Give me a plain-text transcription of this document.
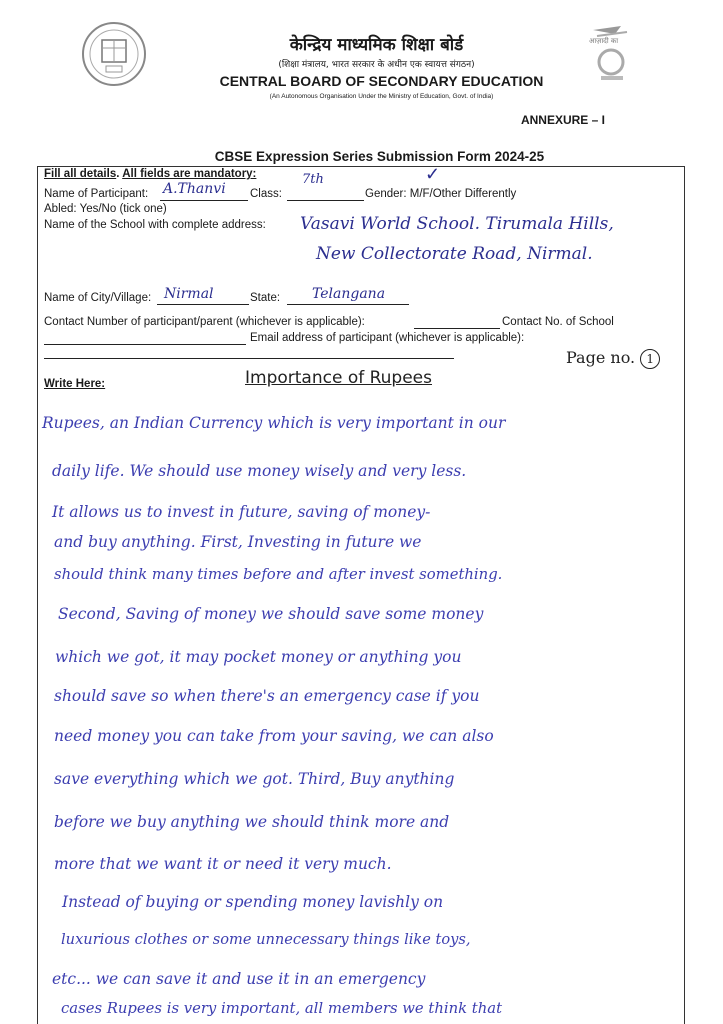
आज़ादी का
केन्द्रिय माध्यमिक शिक्षा बोर्ड
(शिक्षा मंत्रालय, भारत सरकार के अधीन एक स्वायत्त संगठन)
CENTRAL BOARD OF SECONDARY EDUCATION
(An Autonomous Organisation Under the Ministry of Education, Govt. of India)
ANNEXURE – I
CBSE Expression Series Submission Form 2024-25
Fill all details. All fields are mandatory:
Name of Participant: A.Thanvi Class:
7th
Gender: M/F/Other Differently
✓
Abled: Yes/No (tick one)
Name of the School with complete address: Vasavi World School. Tirumala Hills,
New Collectorate Road, Nirmal.
Name of City/Village: Nirmal	State: Telangana
Contact Number of participant/parent (whichever is applicable):	Contact No. of School
Email address of participant (whichever is applicable):
Write Here:
Page no. 1
Importance of Rupees
Rupees, an Indian Currency which is very important in our
daily life. We should use money wisely and very less.
It allows us to invest in future, saving of money-
and buy anything. First, Investing in future we
should think many times before and after invest something.
Second, Saving of money we should save some money
which we got, it may pocket money or anything you
should save so when there's an emergency case if you
need money you can take from your saving, we can also
save everything which we got. Third, Buy anything
before we buy anything we should think more and
more that we want it or need it very much.
Instead of buying or spending money lavishly on
luxurious clothes or some unnecessary things like toys,
etc... we can save it and use it in an emergency
cases Rupees is very important, all members we think that
